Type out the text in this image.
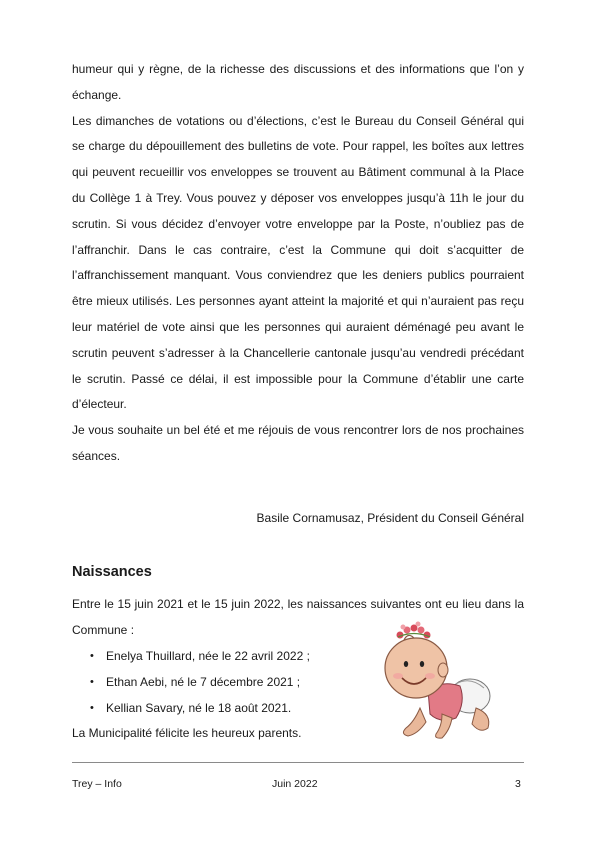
humeur qui y règne, de la richesse des discussions et des informations que l’on y échange.

Les dimanches de votations ou d’élections, c’est le Bureau du Conseil Général qui se charge du dépouillement des bulletins de vote. Pour rappel, les boîtes aux lettres qui peuvent recueillir vos enveloppes se trouvent au Bâtiment communal à la Place du Collège 1 à Trey. Vous pouvez y déposer vos enveloppes jusqu’à 11h le jour du scrutin. Si vous décidez d’envoyer votre enveloppe par la Poste, n’oubliez pas de l’affranchir. Dans le cas contraire, c’est la Commune qui doit s’acquitter de l’affranchissement manquant. Vous conviendrez que les deniers publics pourraient être mieux utilisés. Les personnes ayant atteint la majorité et qui n’auraient pas reçu leur matériel de vote ainsi que les personnes qui auraient déménagé peu avant le scrutin peuvent s’adresser à la Chancellerie cantonale jusqu’au vendredi précédant le scrutin. Passé ce délai, il est impossible pour la Commune d’établir une carte d’électeur.

Je vous souhaite un bel été et me réjouis de vous rencontrer lors de nos prochaines séances.

Basile Cornamusaz, Président du Conseil Général
Naissances
Entre le 15 juin 2021 et le 15 juin 2022, les naissances suivantes ont eu lieu dans la Commune :
• Enelya Thuillard, née le 22 avril 2022 ;
• Ethan Aebi, né le 7 décembre 2021 ;
• Kellian Savary, né le 18 août 2021.

La Municipalité félicite les heureux parents.

Trey – Info	Juin 2022	3
